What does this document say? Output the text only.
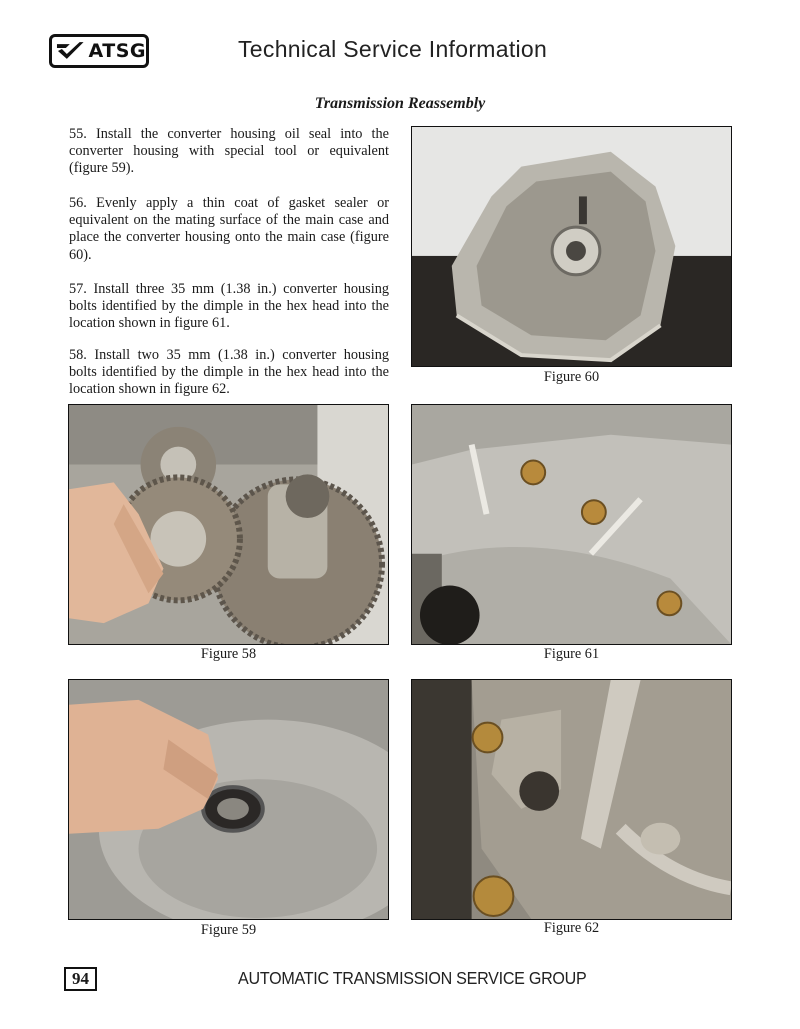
ATSG	Technical Service Information
Transmission Reassembly
55. Install the converter housing oil seal into the converter housing with special tool or equivalent (figure 59).
56. Evenly apply a thin coat of gasket sealer or equivalent on the mating surface of the main case and place the converter housing onto the main case (figure 60).
57. Install three 35 mm (1.38 in.) converter housing bolts identified by the dimple in the hex head into the location shown in figure 61.
58. Install two 35 mm (1.38 in.) converter housing bolts identified by the dimple in the hex head into the location shown in figure 62.
Figure 60
Figure 58	Figure 61
Figure 59	Figure 62
94	AUTOMATIC TRANSMISSION SERVICE GROUP
